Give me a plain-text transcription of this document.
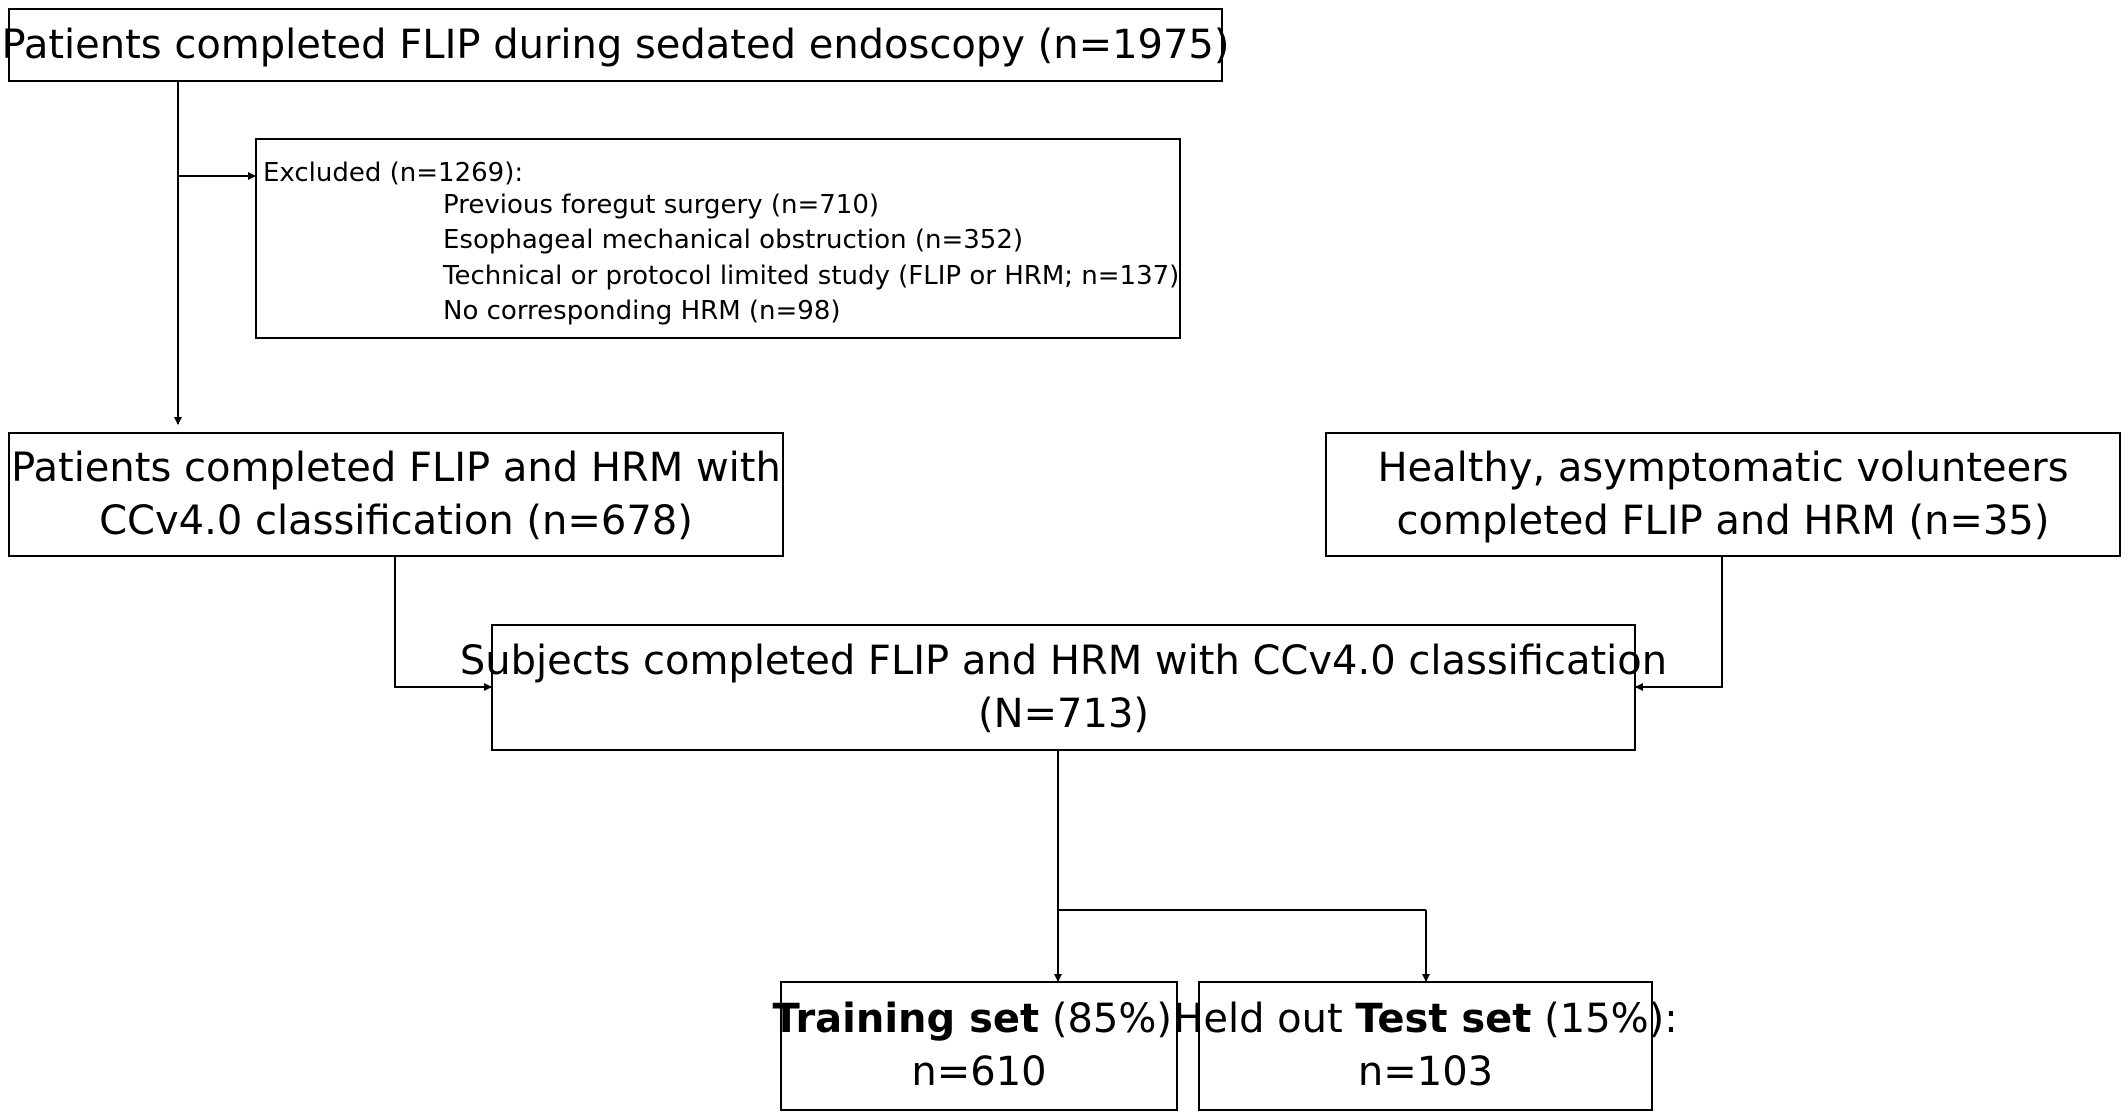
Patients completed FLIP during sedated endoscopy (n=1975)
Excluded (n=1269):
Previous foregut surgery (n=710)
Esophageal mechanical obstruction (n=352)
Technical or protocol limited study (FLIP or HRM; n=137)
No corresponding HRM (n=98)
Patients completed FLIP and HRM with
CCv4.0 classification (n=678)
Healthy, asymptomatic volunteers
completed FLIP and HRM (n=35)
Subjects completed FLIP and HRM with CCv4.0 classification
(N=713)
Training set (85%):
n=610
Held out Test set (15%):
n=103
